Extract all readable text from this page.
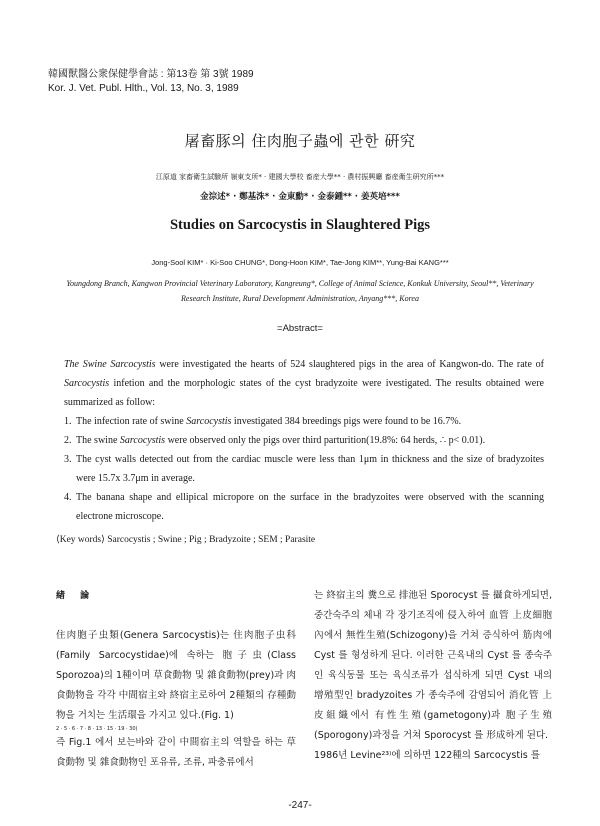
韓國獸醫公衆保健學會誌 : 第13卷 第 3號 1989
Kor. J. Vet. Publ. Hlth., Vol. 13, No. 3, 1989
屠畜豚의 住肉胞子蟲에 관한 硏究
江原道 家畜衛生試驗所 嶺東支所* · 建國大學校 畜産大學** · 農村振興廳 畜産衛生硏究所***
金淙述* · 鄭基洙* · 金東勳* · 金泰鍾** · 姜英培***
Studies on Sarcocystis in Slaughtered Pigs
Jong-Sool KIM* · Ki-Soo CHUNG*, Dong-Hoon KIM*, Tae-Jong KIM**, Yung-Bai KANG***
Youngdong Branch, Kangwon Provincial Veterinary Laboratory, Kangreung*, College of Animal Science, Konkuk University, Seoul**, Veterinary Research Institute, Rural Development Administration, Anyang***, Korea
=Abstract=

The Swine Sarcocystis were investigated the hearts of 524 slaughtered pigs in the area of Kangwon-do. The rate of Sarcocystis infetion and the morphologic states of the cyst bradyzoite were ivestigated. The results obtained were summarized as follow:

1. The infection rate of swine Sarcocystis investigated 384 breedings pigs were found to be 16.7%.
2. The swine Sarcocystis were observed only the pigs over third parturition(19.8%: 64 herds, ∴ p< 0.01).
3. The cyst walls detected out from the cardiac muscle were less than 1μm in thickness and the size of bradyzoites were 15.7x 3.7μm in average.
4. The banana shape and ellipical micropore on the surface in the bradyzoites were observed with the scanning electrone microscope.
⟨Key words⟩ Sarcocystis ; Swine ; Pig ; Bradyzoite ; SEM ; Parasite

緖 論

住肉胞子虫類(Genera Sarcocystis)는 住肉胞子虫科(Family Sarcocystidae)에 속하는 胞子虫(Class Sporozoa)의 1種이며 草食動物 및 雜食動物(prey)과 肉食動物을 각각 中間宿主와 終宿主로하여 2種類의 存種動物을 거치는 生活環을 가지고 있다.(Fig. 1)
2 · 5 · 6 · 7 · 8 · 13 · 15 · 19 · 30)

즉 Fig.1 에서 보는바와 같이 中間宿主의 역할을 하는 草食動物 및 雜食動物인 포유류, 조류, 파충류에서

는 終宿主의 糞으로 排池된 Sporocyst 를 攝食하게되면, 중간숙주의 체내 각 장기조직에 侵入하여 血管 上皮細胞內에서 無性生殖(Schizogony)을 거쳐 증식하여 筋肉에 Cyst 를 형성하게 된다. 이러한 근육내의 Cyst 를 종숙주인 육식동물 또는 육식조류가 섭식하게 되면 Cyst 내의 增殖型인 bradyzoites 가 종숙주에 감염되어 消化管 上皮組織에서 有性生殖(gametogony)과 胞子生殖(Sporogony)과정을 거쳐 Sporocyst 를 形成하게 된다.

1986년 Levine²³⁾에 의하면 122種의 Sarcocystis 를

-247-
